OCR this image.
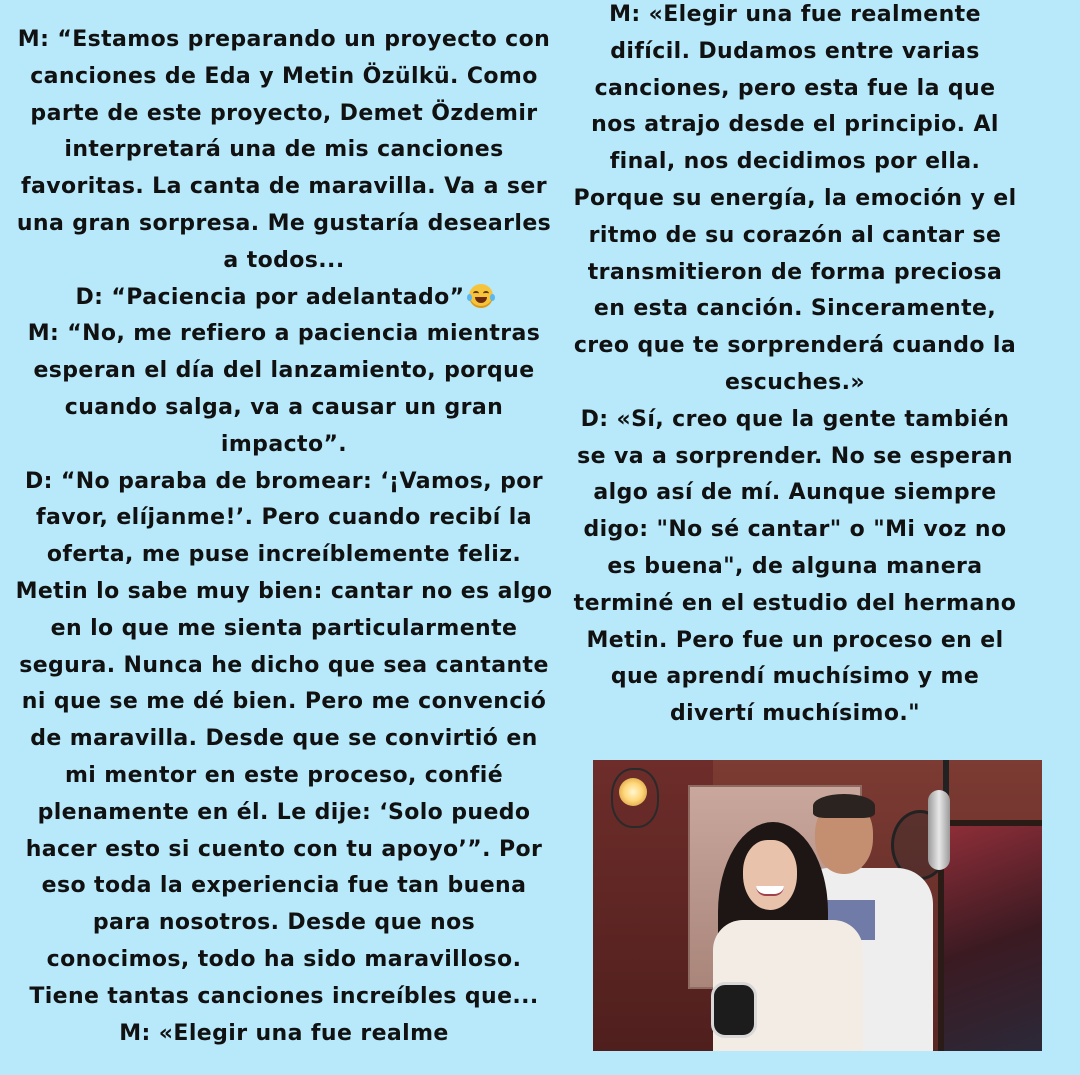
M: “Estamos preparando un proyecto con
canciones de Eda y Metin Özülkü. Como
parte de este proyecto, Demet Özdemir
interpretará una de mis canciones
favoritas. La canta de maravilla. Va a ser
una gran sorpresa. Me gustaría desearles
a todos...
D: “Paciencia por adelantado”
M: “No, me refiero a paciencia mientras
esperan el día del lanzamiento, porque
cuando salga, va a causar un gran
impacto”.
D: “No paraba de bromear: ‘¡Vamos, por
favor, elíjanme!’. Pero cuando recibí la
oferta, me puse increíblemente feliz.
Metin lo sabe muy bien: cantar no es algo
en lo que me sienta particularmente
segura. Nunca he dicho que sea cantante
ni que se me dé bien. Pero me convenció
de maravilla. Desde que se convirtió en
mi mentor en este proceso, confié
plenamente en él. Le dije: ‘Solo puedo
hacer esto si cuento con tu apoyo’”. Por
eso toda la experiencia fue tan buena
para nosotros. Desde que nos
conocimos, todo ha sido maravilloso.
Tiene tantas canciones increíbles que...
M: «Elegir una fue realme
M: «Elegir una fue realmente
difícil. Dudamos entre varias
canciones, pero esta fue la que
nos atrajo desde el principio. Al
final, nos decidimos por ella.
Porque su energía, la emoción y el
ritmo de su corazón al cantar se
transmitieron de forma preciosa
en esta canción. Sinceramente,
creo que te sorprenderá cuando la
escuches.»
D: «Sí, creo que la gente también
se va a sorprender. No se esperan
algo así de mí. Aunque siempre
digo: "No sé cantar" o "Mi voz no
es buena", de alguna manera
terminé en el estudio del hermano
Metin. Pero fue un proceso en el
que aprendí muchísimo y me
divertí muchísimo."
